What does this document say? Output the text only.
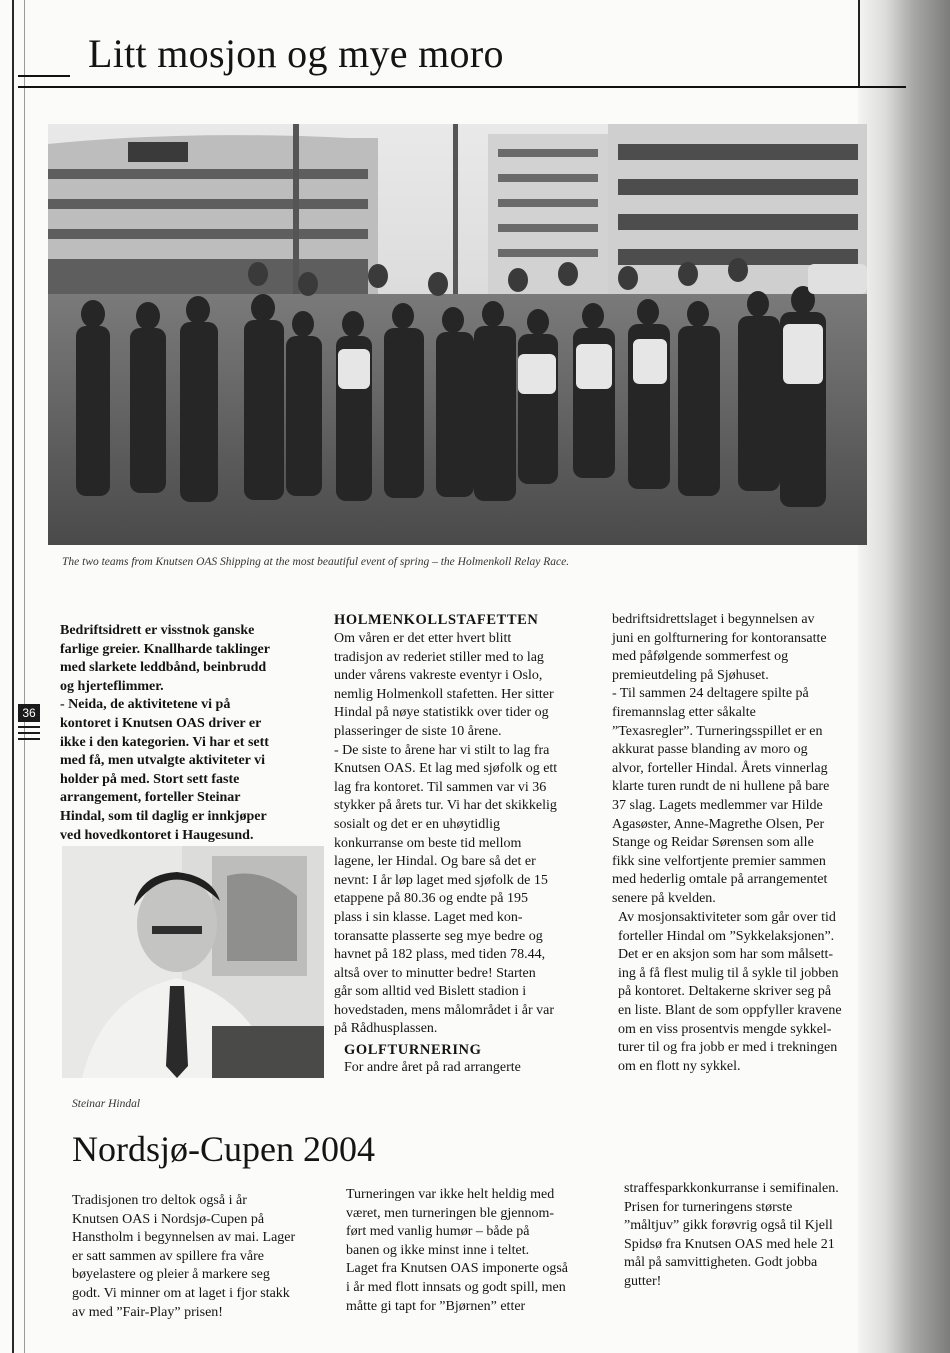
Litt mosjon og mye moro
The two teams from Knutsen OAS Shipping at the most beautiful event of spring – the Holmenkoll Relay Race.
Bedriftsidrett er visstnok ganske
farlige greier. Knallharde taklinger
med slarkete leddbånd, beinbrudd
og hjerteflimmer.
- Neida, de aktivitetene vi på
kontoret i Knutsen OAS driver er
ikke i den kategorien. Vi har et sett
med få, men utvalgte aktiviteter vi
holder på med. Stort sett faste
arrangement, forteller Steinar
Hindal, som til daglig er innkjøper
ved hovedkontoret i Haugesund.
36
Steinar Hindal
HOLMENKOLLSTAFETTEN
Om våren er det etter hvert blitt
tradisjon av rederiet stiller med to lag
under vårens vakreste eventyr i Oslo,
nemlig Holmenkoll stafetten. Her sitter
Hindal på nøye statistikk over tider og
plasseringer de siste 10 årene.
- De siste to årene har vi stilt to lag fra
Knutsen OAS. Et lag med sjøfolk og ett
lag fra kontoret. Til sammen var vi 36
stykker på årets tur. Vi har det skikkelig
sosialt og det er en uhøytidlig
konkurranse om beste tid mellom
lagene, ler Hindal. Og bare så det er
nevnt: I år løp laget med sjøfolk de 15
etappene på 80.36 og endte på 195
plass i sin klasse. Laget med kon-
toransatte plasserte seg mye bedre og
havnet på 182 plass, med tiden 78.44,
altså over to minutter bedre! Starten
går som alltid ved Bislett stadion i
hovedstaden, mens målområdet i år var
på Rådhusplassen.
GOLFTURNERING
For andre året på rad arrangerte
bedriftsidrettslaget i begynnelsen av
juni en golfturnering for kontoransatte
med påfølgende sommerfest og
premieutdeling på Sjøhuset.
- Til sammen 24 deltagere spilte på
firemannslag etter såkalte
”Texasregler”. Turneringsspillet er en
akkurat passe blanding av moro og
alvor, forteller Hindal. Årets vinnerlag
klarte turen rundt de ni hullene på bare
37 slag. Lagets medlemmer var Hilde
Agasøster, Anne-Magrethe Olsen, Per
Stange og Reidar Sørensen som alle
fikk sine velfortjente premier sammen
med hederlig omtale på arrangementet
senere på kvelden.
Av mosjonsaktiviteter som går over tid
forteller Hindal om ”Sykkelaksjonen”.
Det er en aksjon som har som målsett-
ing å få flest mulig til å sykle til jobben
på kontoret. Deltakerne skriver seg på
en liste. Blant de som oppfyller kravene
om en viss prosentvis mengde sykkel-
turer til og fra jobb er med i trekningen
om en flott ny sykkel.
Nordsjø-Cupen 2004
Tradisjonen tro deltok også i år
Knutsen OAS i Nordsjø-Cupen på
Hanstholm i begynnelsen av mai. Lager
er satt sammen av spillere fra våre
bøyelastere og pleier å markere seg
godt. Vi minner om at laget i fjor stakk
av med ”Fair-Play” prisen!
Turneringen var ikke helt heldig med
været, men turneringen ble gjennom-
ført med vanlig humør – både på
banen og ikke minst inne i teltet.
Laget fra Knutsen OAS imponerte også
i år med flott innsats og godt spill, men
måtte gi tapt for ”Bjørnen” etter
straffesparkkonkurranse i semifinalen.
Prisen for turneringens største
”måltjuv” gikk forøvrig også til Kjell
Spidsø fra Knutsen OAS med hele 21
mål på samvittigheten. Godt jobba
gutter!
